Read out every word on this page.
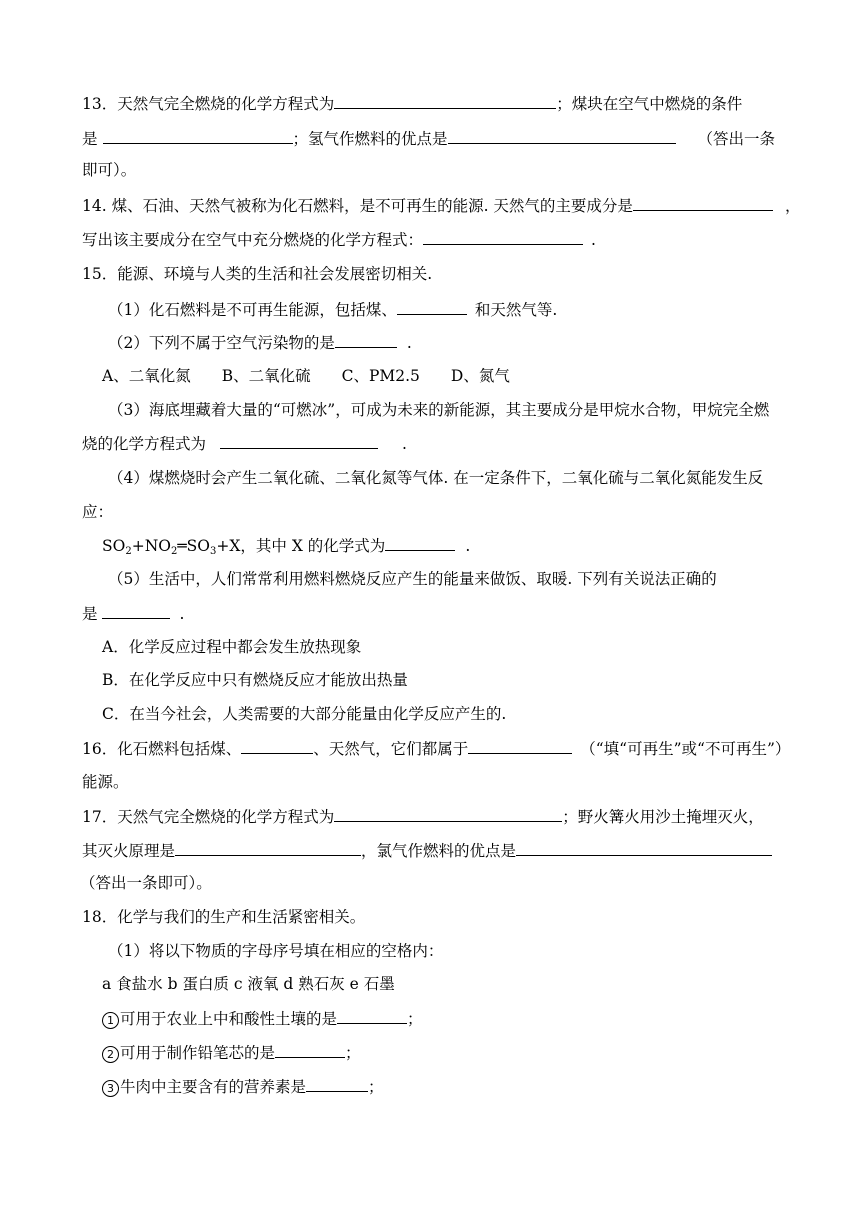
13．天然气完全燃烧的化学方程式为	；煤块在空气中燃烧的条件
是	；氢气作燃料的优点是	（答出一条
即可）。
14. 煤、石油、天然气被称为化石燃料，是不可再生的能源. 天然气的主要成分是	，
写出该主要成分在空气中充分燃烧的化学方程式：	.
15．能源、环境与人类的生活和社会发展密切相关.
（1）化石燃料是不可再生能源，包括煤、	和天然气等.
（2）下列不属于空气污染物的是	.
A、二氧化氮　　B、二氧化硫　　C、PM2.5　　D、氮气
（3）海底埋藏着大量的“可燃冰”，可成为未来的新能源，其主要成分是甲烷水合物，甲烷完全燃
烧的化学方程式为	.
（4）煤燃烧时会产生二氧化硫、二氧化氮等气体. 在一定条件下，二氧化硫与二氧化氮能发生反
应：
$SO_2+NO_2═SO_3+X$，其中 X 的化学式为	.
（5）生活中，人们常常利用燃料燃烧反应产生的能量来做饭、取暖. 下列有关说法正确的
是	.
A．化学反应过程中都会发生放热现象
B．在化学反应中只有燃烧反应才能放出热量
C．在当今社会，人类需要的大部分能量由化学反应产生的.
16．化石燃料包括煤、	、天然气，它们都属于	（“填“可再生”或“不可再生”）
能源。
17．天然气完全燃烧的化学方程式为	；野火篝火用沙土掩埋灭火，
其灭火原理是	，氯气作燃料的优点是
（答出一条即可）。
18．化学与我们的生产和生活紧密相关。
（1）将以下物质的字母序号填在相应的空格内：
a 食盐水 b 蛋白质 c 液氧 d 熟石灰 e 石墨
1 可用于农业上中和酸性土壤的是	；
2 可用于制作铅笔芯的是	；
3 牛肉中主要含有的营养素是	；
